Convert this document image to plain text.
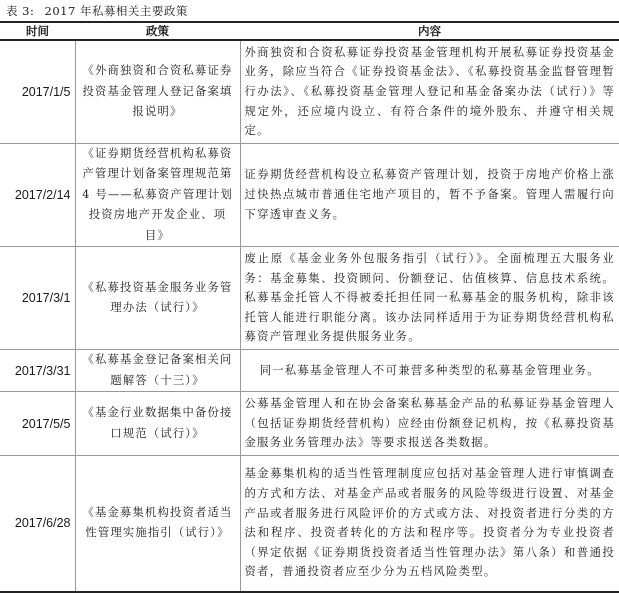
表 3: 2017 年私募相关主要政策
时间	政策	内容
2017/1/5	《外商独资和合资私募证券投资基金管理人登记备案填报说明》	外商独资和合资私募证券投资基金管理机构开展私募证券投资基金业务，除应当符合《证券投资基金法》、《私募投资基金监督管理暂行办法》、《私募投资基金管理人登记和基金备案办法（试行）》等规定外，还应境内设立、有符合条件的境外股东、并遵守相关规定。
2017/2/14	《证券期货经营机构私募资产管理计划备案管理规范第 4 号——私募资产管理计划投资房地产开发企业、项目》	证券期货经营机构设立私募资产管理计划，投资于房地产价格上涨过快热点城市普通住宅地产项目的，暂不予备案。管理人需履行向下穿透审查义务。
2017/3/1	《私募投资基金服务业务管理办法（试行）》	废止原《基金业务外包服务指引（试行）》。全面梳理五大服务业务：基金募集、投资顾问、份额登记、估值核算、信息技术系统。私募基金托管人不得被委托担任同一私募基金的服务机构，除非该托管人能进行职能分离。该办法同样适用于为证券期货经营机构私募资产管理业务提供服务业务。
2017/3/31	《私募基金登记备案相关问题解答（十三）》	同一私募基金管理人不可兼营多种类型的私募基金管理业务。
2017/5/5	《基金行业数据集中备份接口规范（试行）》	公募基金管理人和在协会备案私募基金产品的私募证券基金管理人（包括证券期货经营机构）应经由份额登记机构，按《私募投资基金服务业务管理办法》等要求报送各类数据。
2017/6/28	《基金募集机构投资者适当性管理实施指引（试行）》	基金募集机构的适当性管理制度应包括对基金管理人进行审慎调查的方式和方法、对基金产品或者服务的风险等级进行设置、对基金产品或者服务进行风险评价的方式或方法、对投资者进行分类的方法和程序、投资者转化的方法和程序等。投资者分为专业投资者（界定依据《证券期货投资者适当性管理办法》第八条）和普通投资者，普通投资者应至少分为五档风险类型。
